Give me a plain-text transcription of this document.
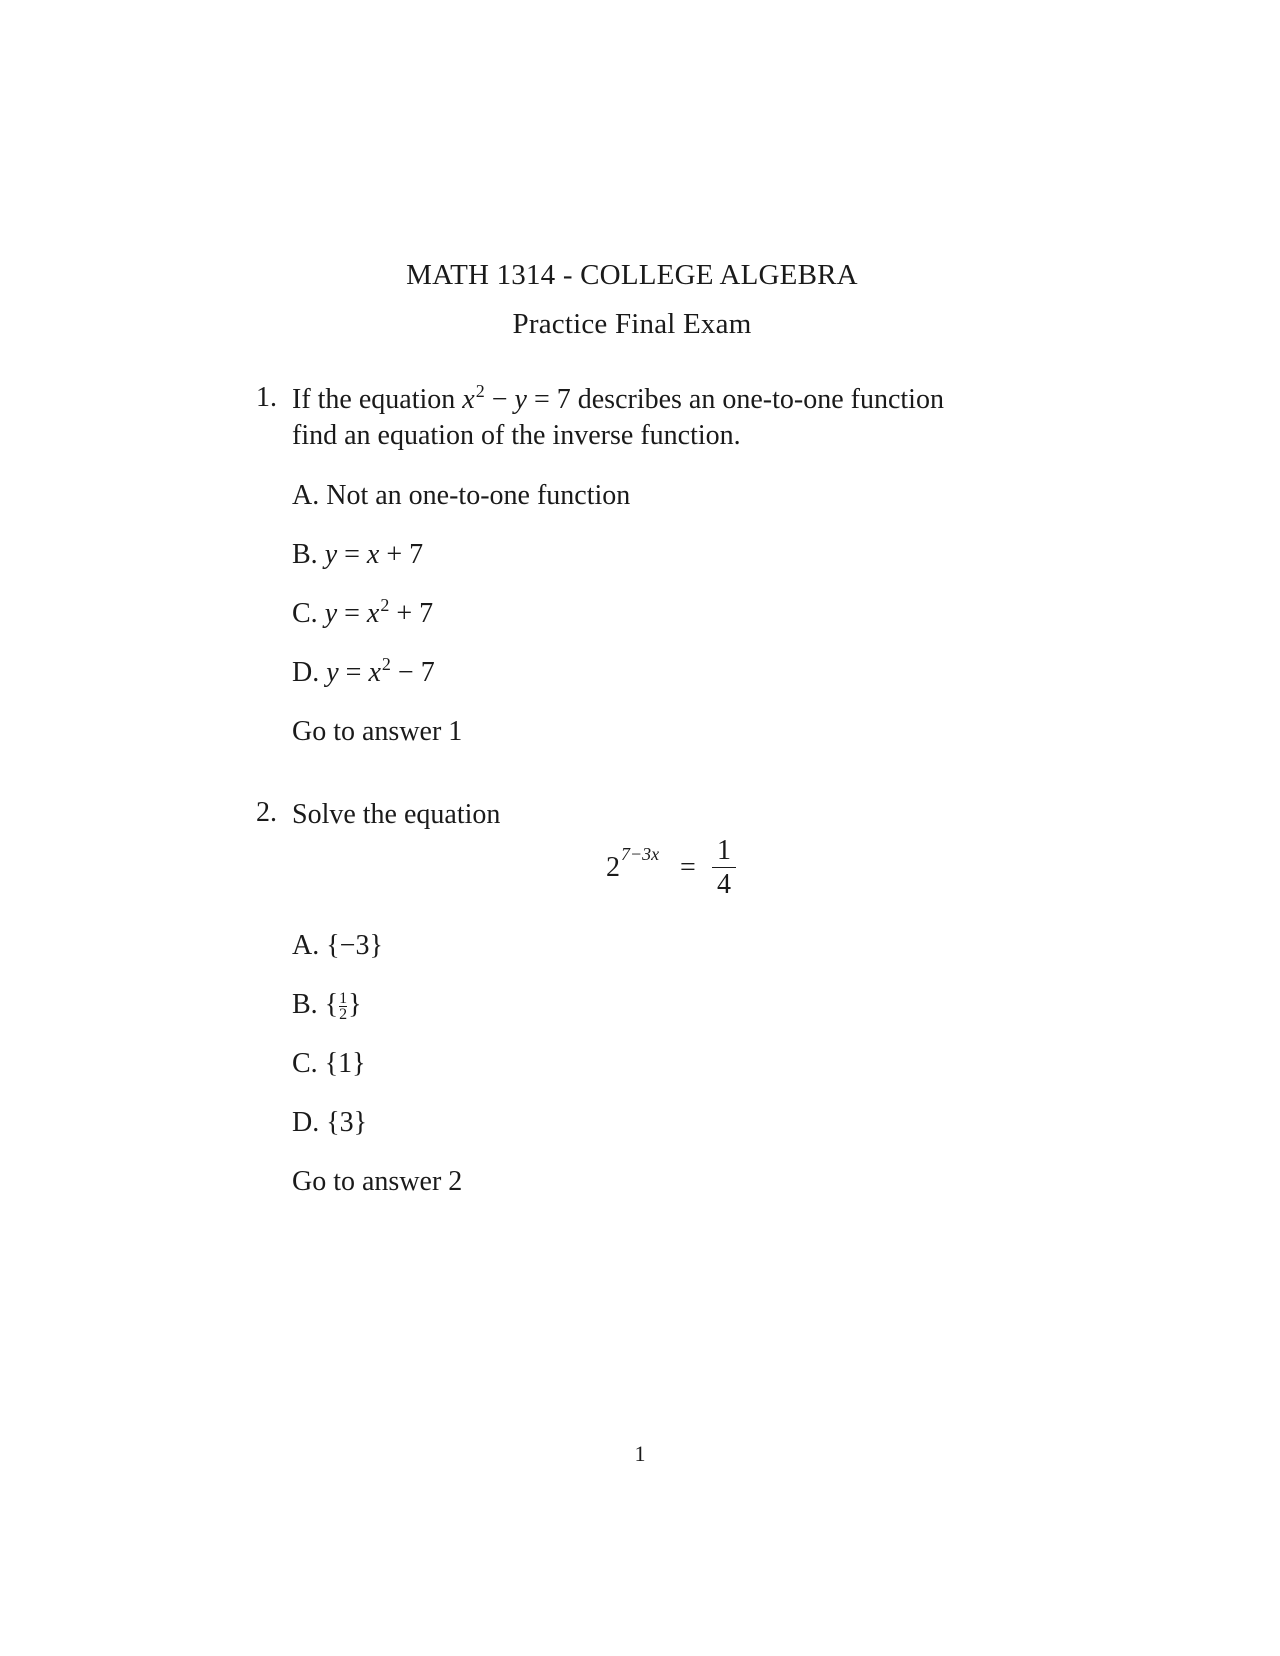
MATH 1314 - COLLEGE ALGEBRA
Practice Final Exam
1. If the equation $x^2 - y = 7$ describes an one-to-one function
find an equation of the inverse function.
A. Not an one-to-one function
B. y = x + 7
C. $y = x^2 + 7$
D. $y = x^2 - 7$
Go to answer 1
2. Solve the equation
2 $7-3x = \frac{1}{4}$
A. {−3}
B. { $\frac{1}{2}$ }
C. {1}
D. {3}
Go to answer 2
1
